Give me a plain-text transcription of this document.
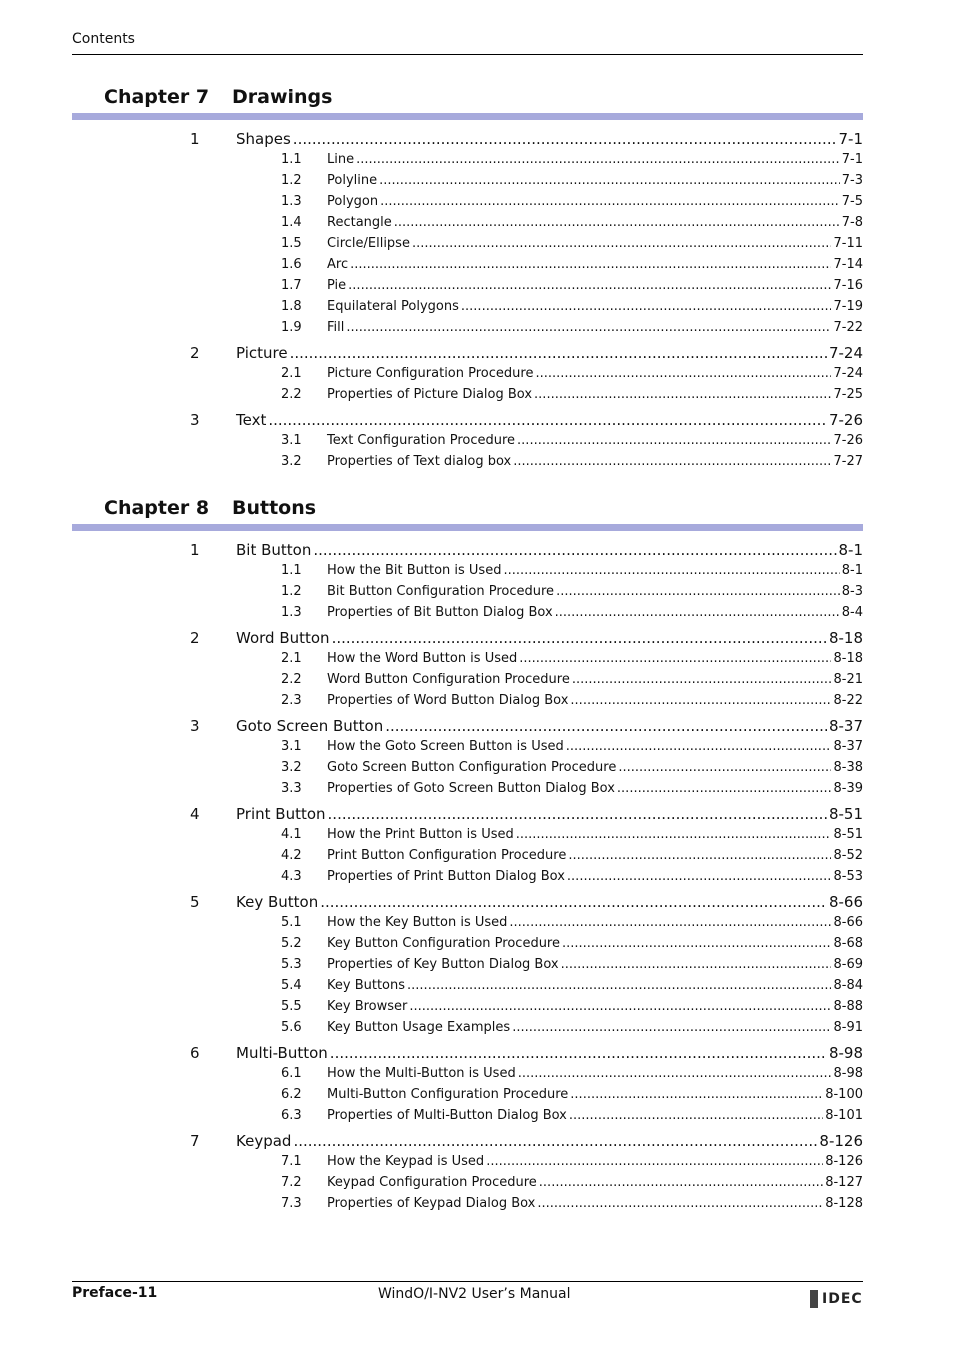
Contents
Chapter 7 Drawings
1	Shapes .....	7-1
1.1	Line .....	7-1
1.2	Polyline .....	7-3
1.3	Polygon .....	7-5
1.4	Rectangle .....	7-8
1.5	Circle/Ellipse .....	7-11
1.6	Arc .....	7-14
1.7	Pie .....	7-16
1.8	Equilateral Polygons .....	7-19
1.9	Fill .....	7-22
2	Picture .....	7-24
2.1	Picture Configuration Procedure .....	7-24
2.2	Properties of Picture Dialog Box .....	7-25
3	Text .....	7-26
3.1	Text Configuration Procedure .....	7-26
3.2	Properties of Text dialog box .....	7-27
Chapter 8 Buttons
1	Bit Button .....	8-1
1.1	How the Bit Button is Used .....	8-1
1.2	Bit Button Configuration Procedure .....	8-3
1.3	Properties of Bit Button Dialog Box .....	8-4
2	Word Button .....	8-18
2.1	How the Word Button is Used .....	8-18
2.2	Word Button Configuration Procedure .....	8-21
2.3	Properties of Word Button Dialog Box .....	8-22
3	Goto Screen Button .....	8-37
3.1	How the Goto Screen Button is Used .....	8-37
3.2	Goto Screen Button Configuration Procedure .....	8-38
3.3	Properties of Goto Screen Button Dialog Box .....	8-39
4	Print Button .....	8-51
4.1	How the Print Button is Used .....	8-51
4.2	Print Button Configuration Procedure .....	8-52
4.3	Properties of Print Button Dialog Box .....	8-53
5	Key Button .....	8-66
5.1	How the Key Button is Used .....	8-66
5.2	Key Button Configuration Procedure .....	8-68
5.3	Properties of Key Button Dialog Box .....	8-69
5.4	Key Buttons .....	8-84
5.5	Key Browser .....	8-88
5.6	Key Button Usage Examples .....	8-91
6	Multi-Button .....	8-98
6.1	How the Multi-Button is Used .....	8-98
6.2	Multi-Button Configuration Procedure .....	8-100
6.3	Properties of Multi-Button Dialog Box .....	8-101
7	Keypad .....	8-126
7.1	How the Keypad is Used .....	8-126
7.2	Keypad Configuration Procedure .....	8-127
7.3	Properties of Keypad Dialog Box .....	8-128
Preface-11	WindO/I-NV2 User’s Manual	IDEC
